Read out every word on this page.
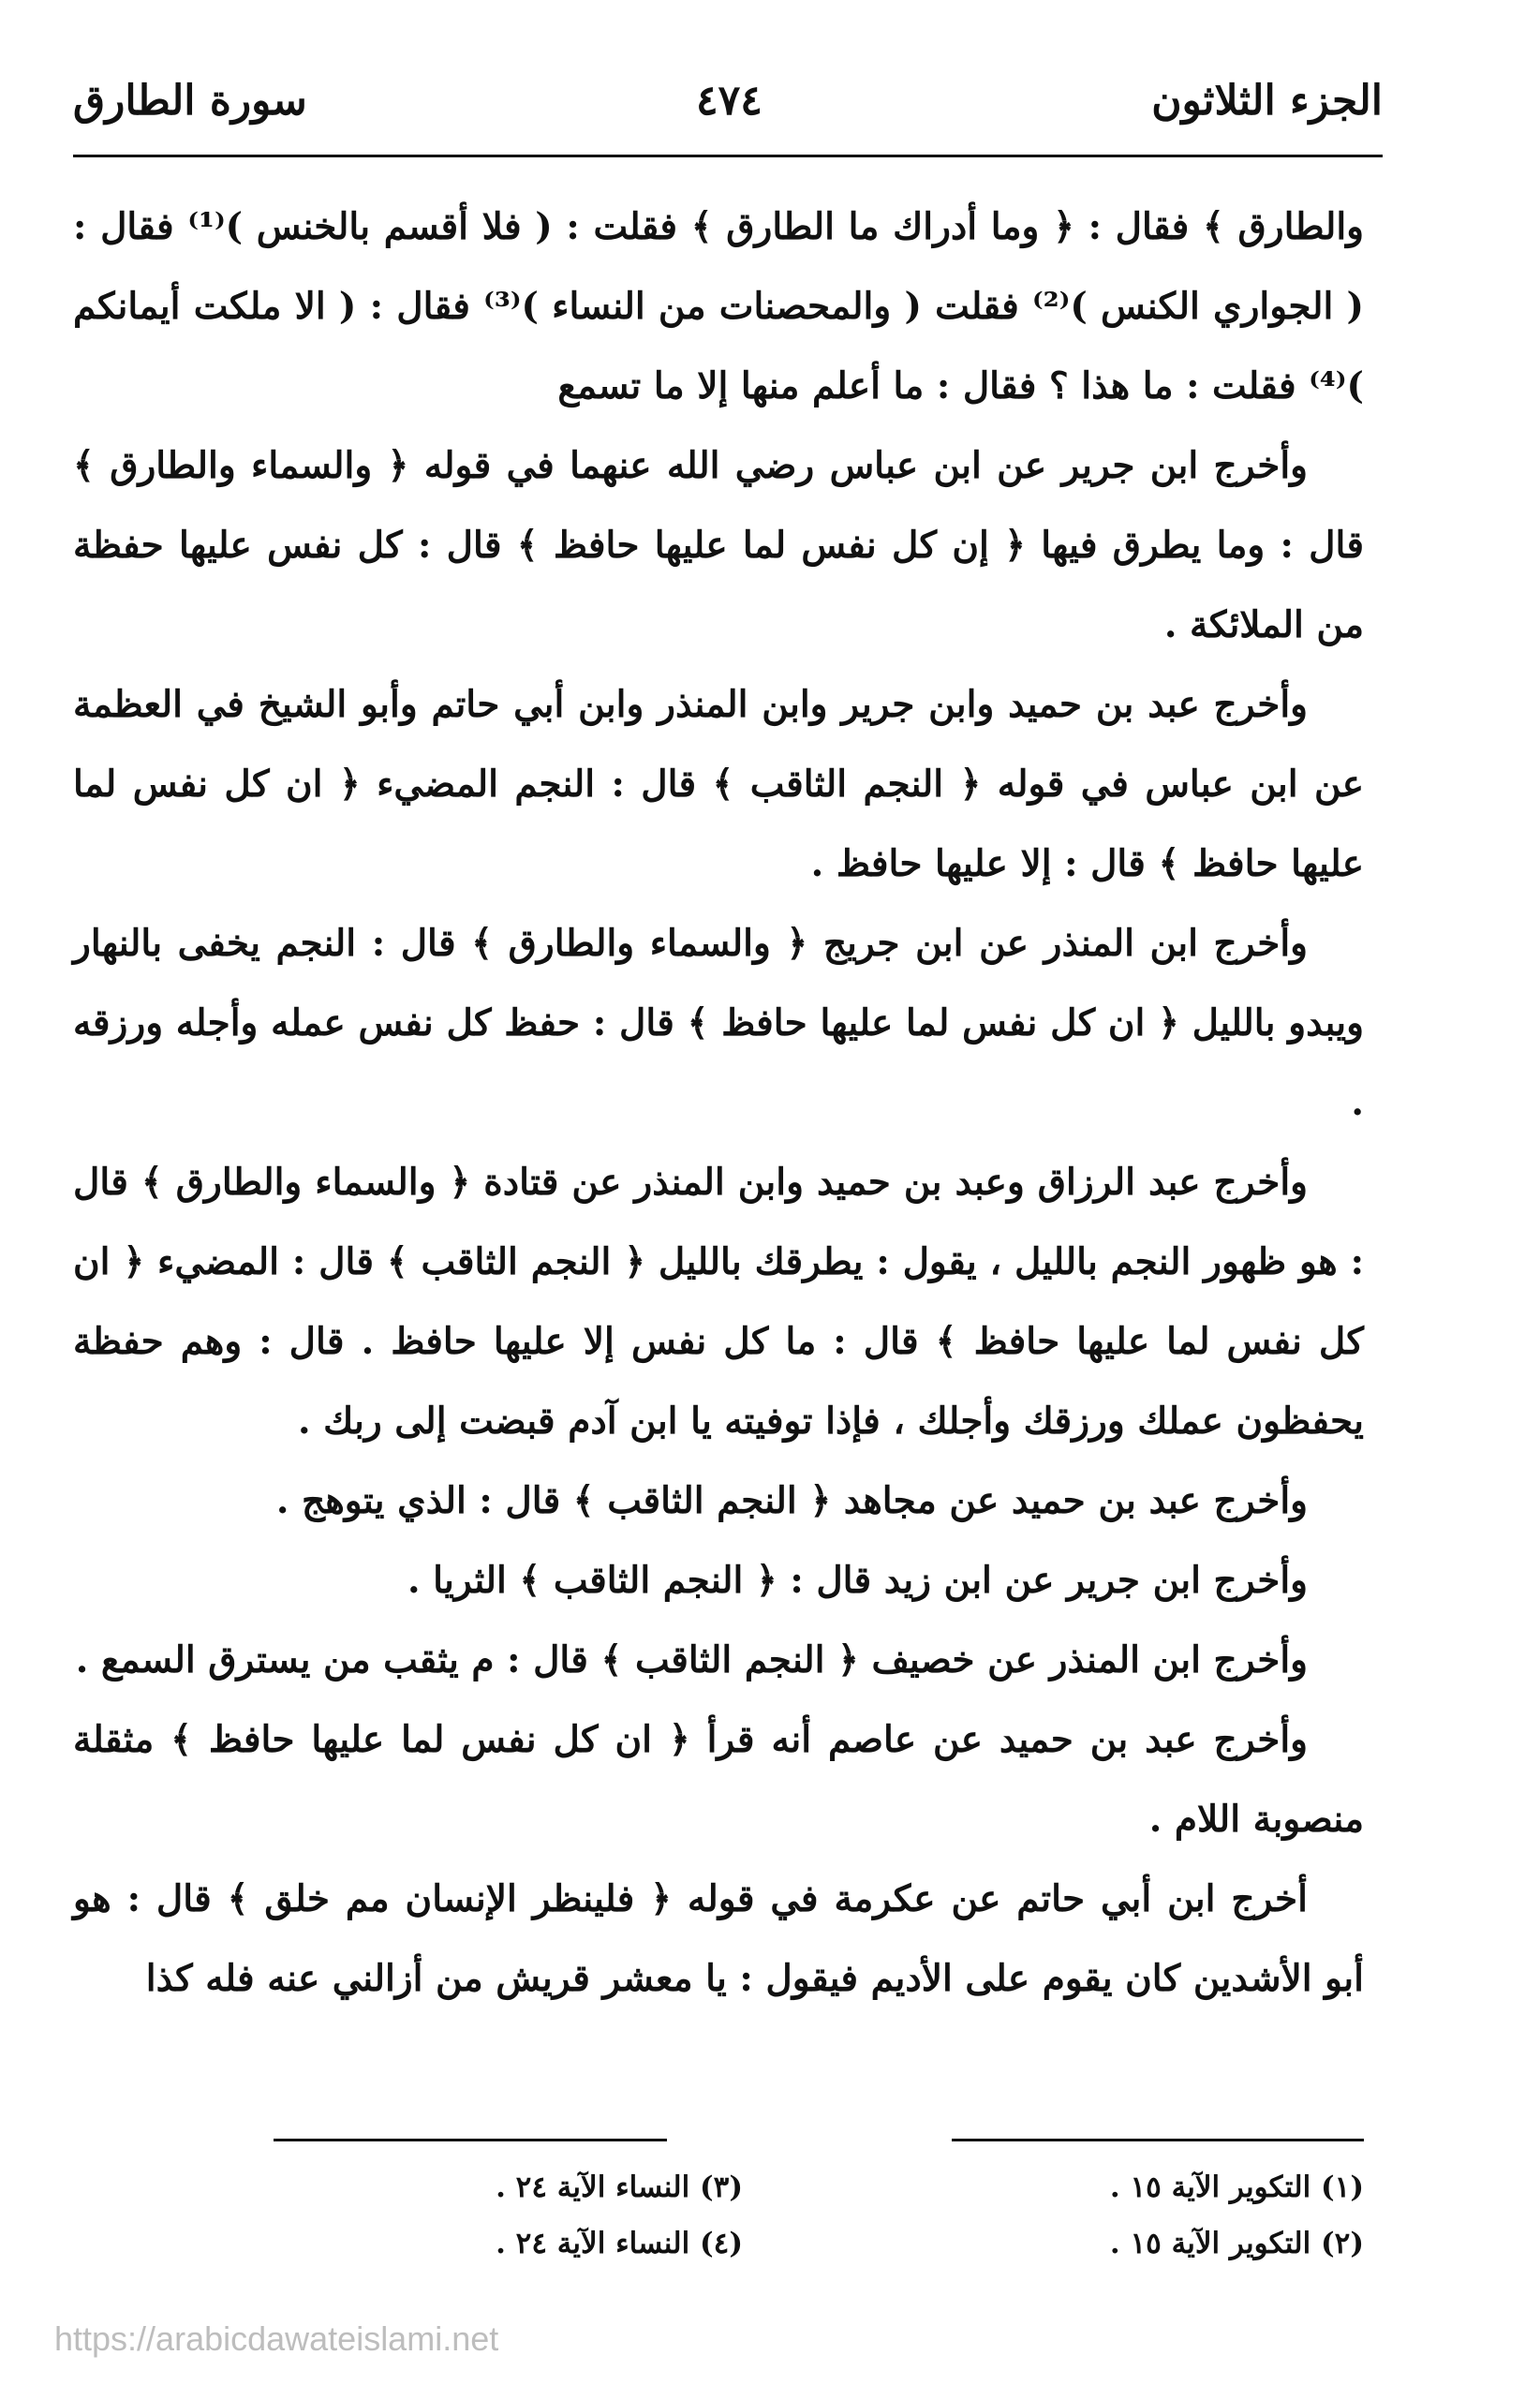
الجزء الثلاثون
٤٧٤
سورة الطارق

والطارق ﴾ فقال : ﴿ وما أدراك ما الطارق ﴾ فقلت : ( فلا أقسم بالخنس )⁽¹⁾ فقال : ( الجواري الكنس )⁽²⁾ فقلت ( والمحصنات من النساء )⁽³⁾ فقال : ( الا ملكت أيمانكم )⁽⁴⁾ فقلت : ما هذا ؟ فقال : ما أعلم منها إلا ما تسمع

وأخرج ابن جرير عن ابن عباس رضي الله عنهما في قوله ﴿ والسماء والطارق ﴾ قال : وما يطرق فيها ﴿ إن كل نفس لما عليها حافظ ﴾ قال : كل نفس عليها حفظة من الملائكة .

وأخرج عبد بن حميد وابن جرير وابن المنذر وابن أبي حاتم وأبو الشيخ في العظمة عن ابن عباس في قوله ﴿ النجم الثاقب ﴾ قال : النجم المضيء ﴿ ان كل نفس لما عليها حافظ ﴾ قال : إلا عليها حافظ .

وأخرج ابن المنذر عن ابن جريج ﴿ والسماء والطارق ﴾ قال : النجم يخفى بالنهار ويبدو بالليل ﴿ ان كل نفس لما عليها حافظ ﴾ قال : حفظ كل نفس عمله وأجله ورزقه .

وأخرج عبد الرزاق وعبد بن حميد وابن المنذر عن قتادة ﴿ والسماء والطارق ﴾ قال : هو ظهور النجم بالليل ، يقول : يطرقك بالليل ﴿ النجم الثاقب ﴾ قال : المضيء ﴿ ان كل نفس لما عليها حافظ ﴾ قال : ما كل نفس إلا عليها حافظ . قال : وهم حفظة يحفظون عملك ورزقك وأجلك ، فإذا توفيته يا ابن آدم قبضت إلى ربك .

وأخرج عبد بن حميد عن مجاهد ﴿ النجم الثاقب ﴾ قال : الذي يتوهج .

وأخرج ابن جرير عن ابن زيد قال : ﴿ النجم الثاقب ﴾ الثريا .

وأخرج ابن المنذر عن خصيف ﴿ النجم الثاقب ﴾ قال : م يثقب من يسترق السمع .

وأخرج عبد بن حميد عن عاصم أنه قرأ ﴿ ان كل نفس لما عليها حافظ ﴾ مثقلة منصوبة اللام .

أخرج ابن أبي حاتم عن عكرمة في قوله ﴿ فلينظر الإنسان مم خلق ﴾ قال : هو أبو الأشدين كان يقوم على الأديم فيقول : يا معشر قريش من أزالني عنه فله كذا

(١) التكوير الآية ١٥ .
(٣) النساء الآية ٢٤ .
(٢) التكوير الآية ١٥ .
(٤) النساء الآية ٢٤ .
https://arabicdawateislami.net
